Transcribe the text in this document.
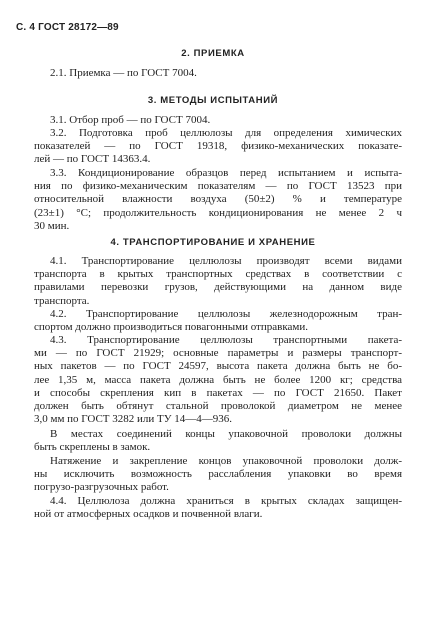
С. 4 ГОСТ 28172—89
2. ПРИЕМКА
2.1. Приемка — по ГОСТ 7004.
3. МЕТОДЫ ИСПЫТАНИЙ
3.1. Отбор проб — по ГОСТ 7004.
3.2. Подготовка проб целлюлозы для определения химических
показателей — по ГОСТ 19318, физико-механических показате-
лей — по ГОСТ 14363.4.
3.3. Кондиционирование образцов перед испытанием и испыта-
ния по физико-механическим показателям — по ГОСТ 13523 при
относительной влажности воздуха (50±2) % и температуре
(23±1) °С; продолжительность кондиционирования не менее 2 ч
30 мин.
4. ТРАНСПОРТИРОВАНИЕ И ХРАНЕНИЕ
4.1. Транспортирование целлюлозы производят всеми видами
транспорта в крытых транспортных средствах в соответствии с
правилами перевозки грузов, действующими на данном виде
транспорта.
4.2. Транспортирование целлюлозы железнодорожным тран-
спортом должно производиться повагонными отправками.
4.3. Транспортирование целлюлозы транспортными пакета-
ми — по ГОСТ 21929; основные параметры и размеры транспорт-
ных пакетов — по ГОСТ 24597, высота пакета должна быть не бо-
лее 1,35 м, масса пакета должна быть не более 1200 кг; средства
и способы скрепления кип в пакетах — по ГОСТ 21650. Пакет
должен быть обтянут стальной проволокой диаметром не менее
3,0 мм по ГОСТ 3282 или ТУ 14—4—936.
В местах соединений концы упаковочной проволоки должны
быть скреплены в замок.
Натяжение и закрепление концов упаковочной проволоки долж-
ны исключить возможность расслабления упаковки во время
погрузо-разгрузочных работ.
4.4. Целлюлоза должна храниться в крытых складах защищен-
ной от атмосферных осадков и почвенной влаги.
